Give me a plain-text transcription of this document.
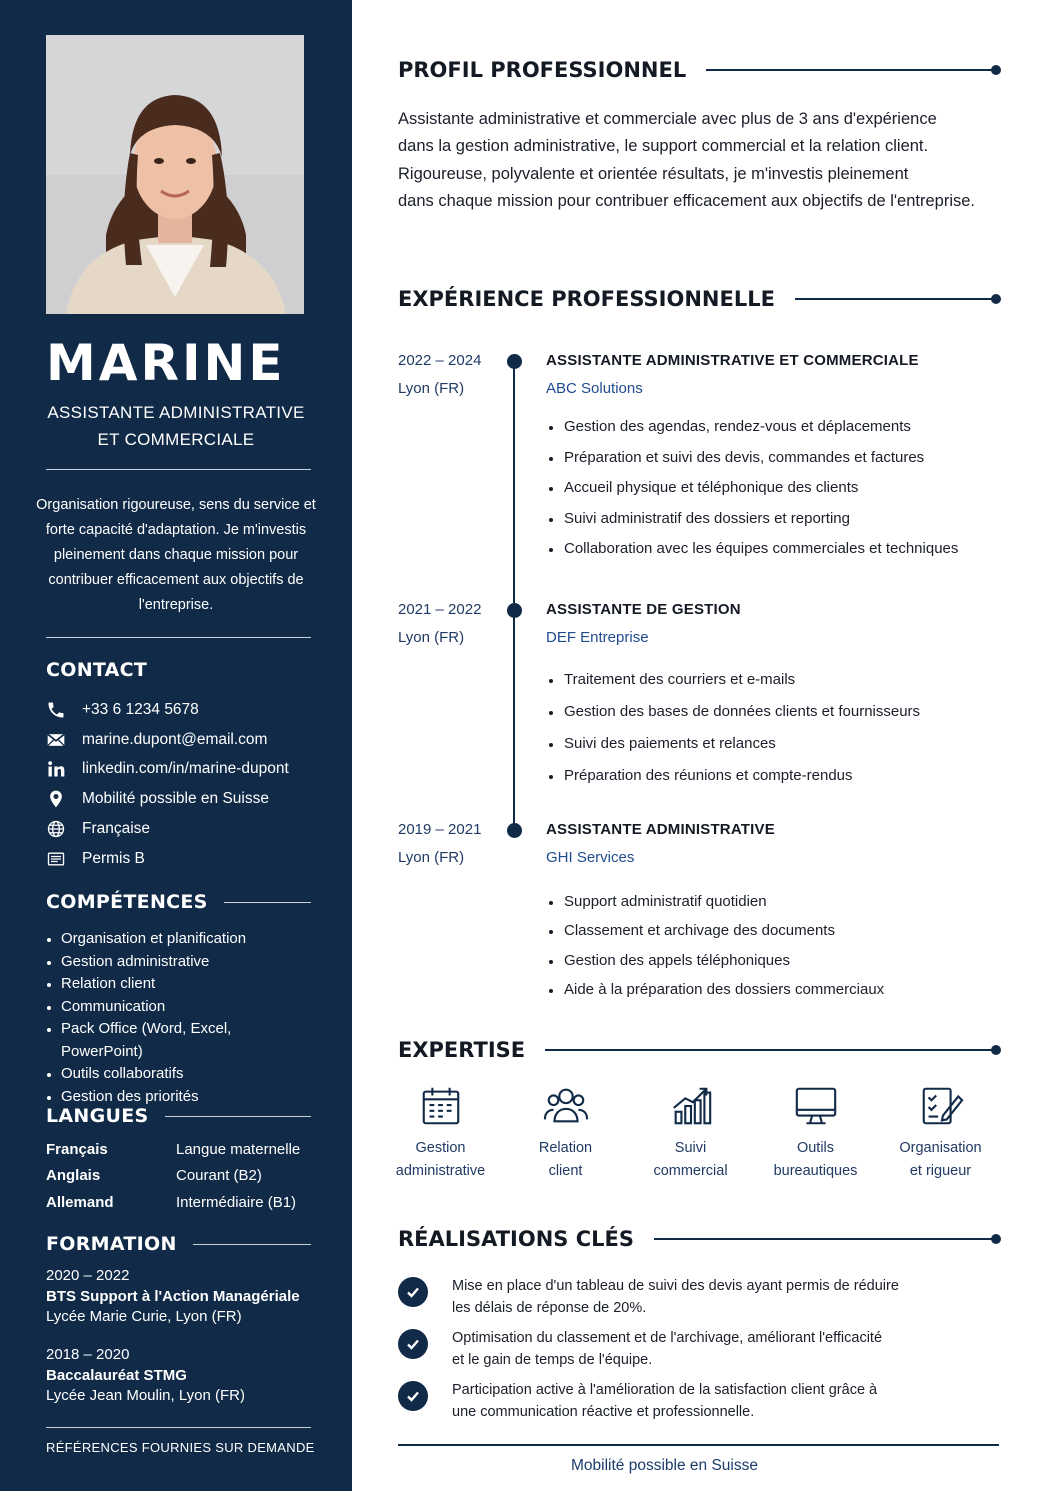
MARINE
ASSISTANTE ADMINISTRATIVE ET COMMERCIALE
Organisation rigoureuse, sens du service et forte capacité d'adaptation. Je m'investis pleinement dans chaque mission pour contribuer efficacement aux objectifs de l'entreprise.
CONTACT
+33 6 1234 5678
marine.dupont@email.com
linkedin.com/in/marine-dupont
Mobilité possible en Suisse
Française
Permis B
COMPÉTENCES
Organisation et planification
Gestion administrative
Relation client
Communication
Pack Office (Word, Excel, PowerPoint)
Outils collaboratifs
Gestion des priorités
LANGUES
Français	Langue maternelle
Anglais	Courant (B2)
Allemand	Intermédiaire (B1)
FORMATION
2020 – 2022
BTS Support à l'Action Managériale
Lycée Marie Curie, Lyon (FR)
2018 – 2020
Baccalauréat STMG
Lycée Jean Moulin, Lyon (FR)
RÉFÉRENCES FOURNIES SUR DEMANDE
PROFIL PROFESSIONNEL
Assistante administrative et commerciale avec plus de 3 ans d'expérience
dans la gestion administrative, le support commercial et la relation client.
Rigoureuse, polyvalente et orientée résultats, je m'investis pleinement
dans chaque mission pour contribuer efficacement aux objectifs de l'entreprise.
EXPÉRIENCE PROFESSIONNELLE
2022 – 2024
Lyon (FR)
ASSISTANTE ADMINISTRATIVE ET COMMERCIALE
ABC Solutions
Gestion des agendas, rendez-vous et déplacements
Préparation et suivi des devis, commandes et factures
Accueil physique et téléphonique des clients
Suivi administratif des dossiers et reporting
Collaboration avec les équipes commerciales et techniques
2021 – 2022
Lyon (FR)
ASSISTANTE DE GESTION
DEF Entreprise
Traitement des courriers et e-mails
Gestion des bases de données clients et fournisseurs
Suivi des paiements et relances
Préparation des réunions et compte-rendus
2019 – 2021
Lyon (FR)
ASSISTANTE ADMINISTRATIVE
GHI Services
Support administratif quotidien
Classement et archivage des documents
Gestion des appels téléphoniques
Aide à la préparation des dossiers commerciaux
EXPERTISE
Gestion
administrative
Relation
client
Suivi
commercial
Outils
bureautiques
Organisation
et rigueur
RÉALISATIONS CLÉS
Mise en place d'un tableau de suivi des devis ayant permis de réduire
les délais de réponse de 20%.
Optimisation du classement et de l'archivage, améliorant l'efficacité
et le gain de temps de l'équipe.
Participation active à l'amélioration de la satisfaction client grâce à
une communication réactive et professionnelle.
Mobilité possible en Suisse
